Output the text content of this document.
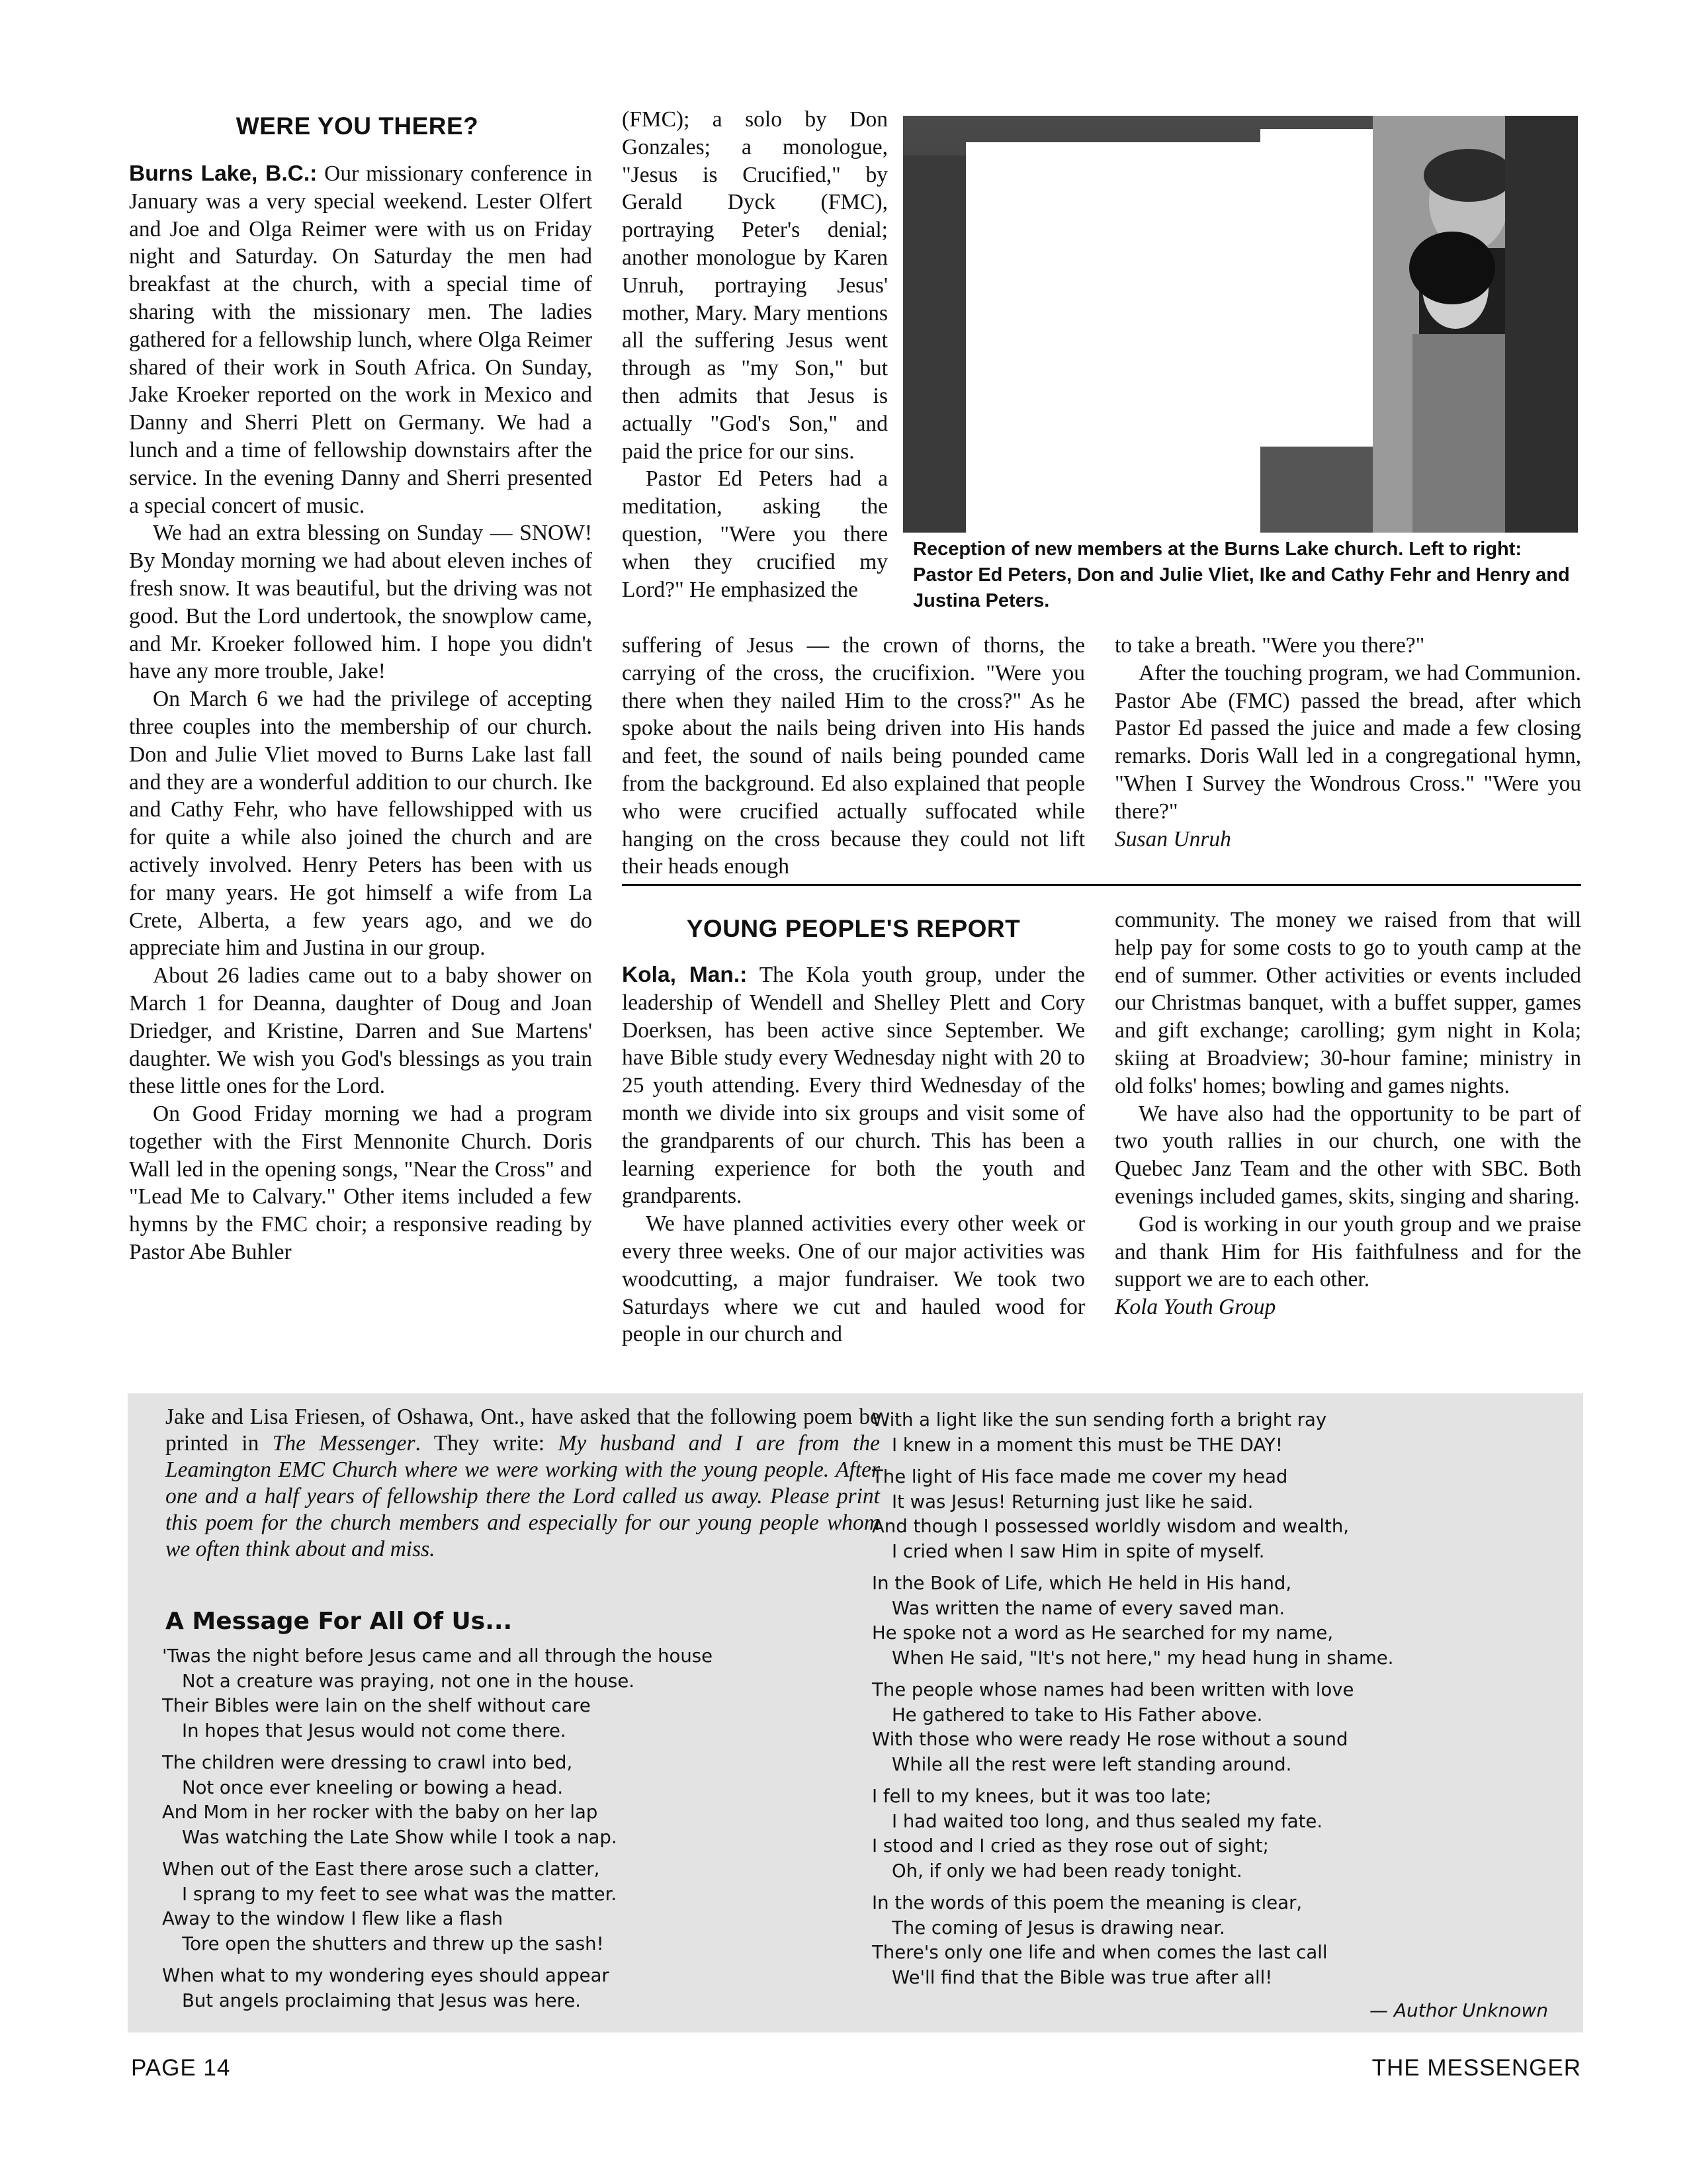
WERE YOU THERE?

Burns Lake, B.C.: Our missionary conference in January was a very special weekend. Lester Olfert and Joe and Olga Reimer were with us on Friday night and Saturday. On Saturday the men had breakfast at the church, with a special time of sharing with the missionary men. The ladies gathered for a fellowship lunch, where Olga Reimer shared of their work in South Africa. On Sunday, Jake Kroeker reported on the work in Mexico and Danny and Sherri Plett on Germany. We had a lunch and a time of fellowship downstairs after the service. In the evening Danny and Sherri presented a special concert of music.

We had an extra blessing on Sunday — SNOW! By Monday morning we had about eleven inches of fresh snow. It was beautiful, but the driving was not good. But the Lord undertook, the snowplow came, and Mr. Kroeker followed him. I hope you didn't have any more trouble, Jake!

On March 6 we had the privilege of accepting three couples into the membership of our church. Don and Julie Vliet moved to Burns Lake last fall and they are a wonderful addition to our church. Ike and Cathy Fehr, who have fellowshipped with us for quite a while also joined the church and are actively involved. Henry Peters has been with us for many years. He got himself a wife from La Crete, Alberta, a few years ago, and we do appreciate him and Justina in our group.

About 26 ladies came out to a baby shower on March 1 for Deanna, daughter of Doug and Joan Driedger, and Kristine, Darren and Sue Martens' daughter. We wish you God's blessings as you train these little ones for the Lord.

On Good Friday morning we had a program together with the First Mennonite Church. Doris Wall led in the opening songs, "Near the Cross" and "Lead Me to Calvary." Other items included a few hymns by the FMC choir; a responsive reading by Pastor Abe Buhler

(FMC); a solo by Don Gonzales; a monologue, "Jesus is Crucified," by Gerald Dyck (FMC), portraying Peter's denial; another monologue by Karen Unruh, portraying Jesus' mother, Mary. Mary mentions all the suffering Jesus went through as "my Son," but then admits that Jesus is actually "God's Son," and paid the price for our sins.

Pastor Ed Peters had a meditation, asking the question, "Were you there when they crucified my Lord?" He emphasized the

Reception of new members at the Burns Lake church. Left to right: Pastor Ed Peters, Don and Julie Vliet, Ike and Cathy Fehr and Henry and Justina Peters.

suffering of Jesus — the crown of thorns, the carrying of the cross, the crucifixion. "Were you there when they nailed Him to the cross?" As he spoke about the nails being driven into His hands and feet, the sound of nails being pounded came from the background. Ed also explained that people who were crucified actually suffocated while hanging on the cross because they could not lift their heads enough

to take a breath. "Were you there?"

After the touching program, we had Communion. Pastor Abe (FMC) passed the bread, after which Pastor Ed passed the juice and made a few closing remarks. Doris Wall led in a congregational hymn, "When I Survey the Wondrous Cross." "Were you there?"

Susan Unruh

YOUNG PEOPLE'S REPORT

Kola, Man.: The Kola youth group, under the leadership of Wendell and Shelley Plett and Cory Doerksen, has been active since September. We have Bible study every Wednesday night with 20 to 25 youth attending. Every third Wednesday of the month we divide into six groups and visit some of the grandparents of our church. This has been a learning experience for both the youth and grandparents.

We have planned activities every other week or every three weeks. One of our major activities was woodcutting, a major fundraiser. We took two Saturdays where we cut and hauled wood for people in our church and

community. The money we raised from that will help pay for some costs to go to youth camp at the end of summer. Other activities or events included our Christmas banquet, with a buffet supper, games and gift exchange; carolling; gym night in Kola; skiing at Broadview; 30-hour famine; ministry in old folks' homes; bowling and games nights.

We have also had the opportunity to be part of two youth rallies in our church, one with the Quebec Janz Team and the other with SBC. Both evenings included games, skits, singing and sharing.

God is working in our youth group and we praise and thank Him for His faithfulness and for the support we are to each other.

Kola Youth Group

Jake and Lisa Friesen, of Oshawa, Ont., have asked that the following poem be printed in The Messenger. They write: My husband and I are from the Leamington EMC Church where we were working with the young people. After one and a half years of fellowship there the Lord called us away. Please print this poem for the church members and especially for our young people whom we often think about and miss.
A Message For All Of Us...
'Twas the night before Jesus came and all through the house
Not a creature was praying, not one in the house.
Their Bibles were lain on the shelf without care
In hopes that Jesus would not come there.
The children were dressing to crawl into bed,
Not once ever kneeling or bowing a head.
And Mom in her rocker with the baby on her lap
Was watching the Late Show while I took a nap.
When out of the East there arose such a clatter,
I sprang to my feet to see what was the matter.
Away to the window I flew like a flash
Tore open the shutters and threw up the sash!
When what to my wondering eyes should appear
But angels proclaiming that Jesus was here.
With a light like the sun sending forth a bright ray
I knew in a moment this must be THE DAY!
The light of His face made me cover my head
It was Jesus! Returning just like he said.
And though I possessed worldly wisdom and wealth,
I cried when I saw Him in spite of myself.
In the Book of Life, which He held in His hand,
Was written the name of every saved man.
He spoke not a word as He searched for my name,
When He said, "It's not here," my head hung in shame.
The people whose names had been written with love
He gathered to take to His Father above.
With those who were ready He rose without a sound
While all the rest were left standing around.
I fell to my knees, but it was too late;
I had waited too long, and thus sealed my fate.
I stood and I cried as they rose out of sight;
Oh, if only we had been ready tonight.
In the words of this poem the meaning is clear,
The coming of Jesus is drawing near.
There's only one life and when comes the last call
We'll find that the Bible was true after all!
— Author Unknown
PAGE 14	THE MESSENGER
